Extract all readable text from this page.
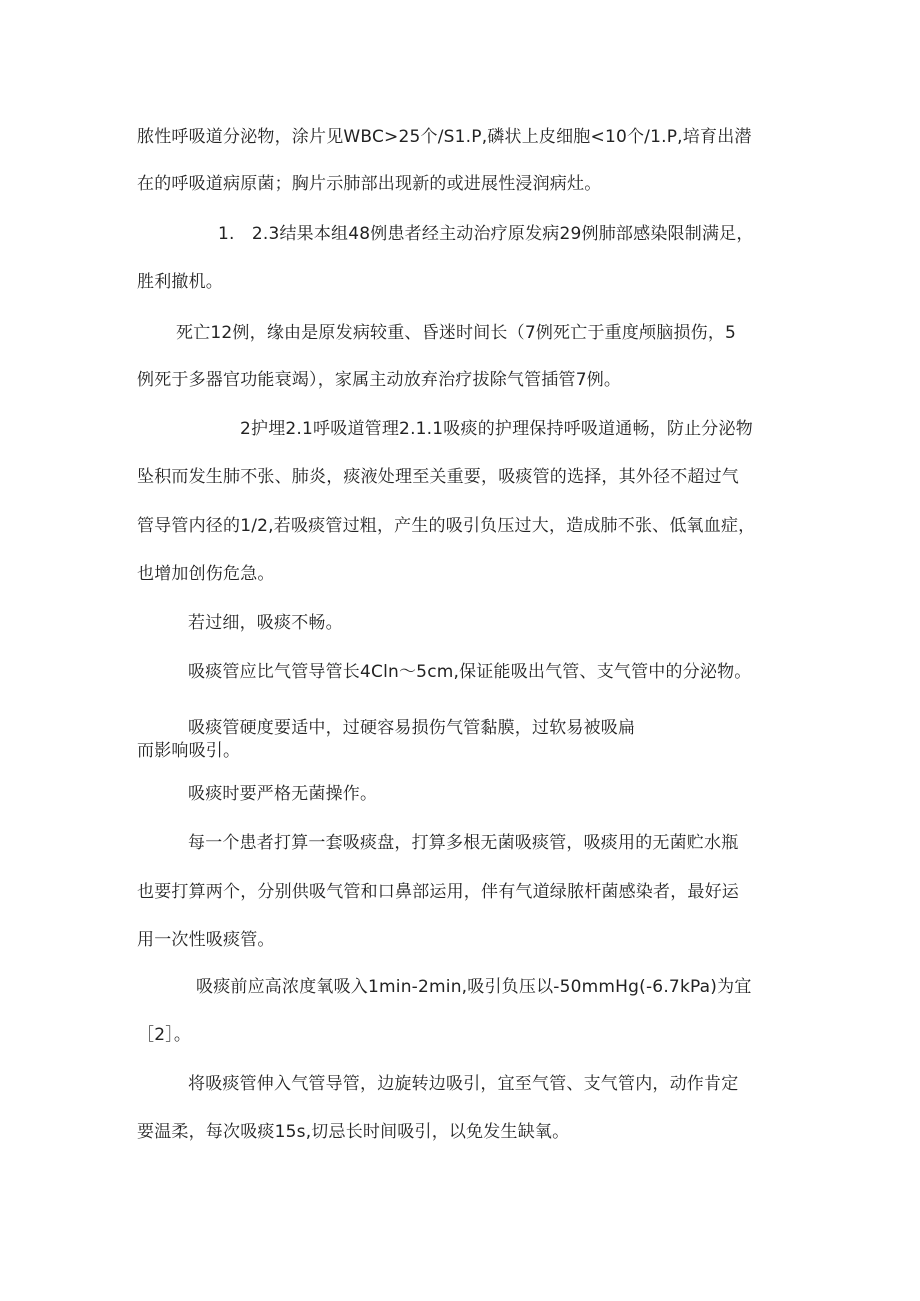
脓性呼吸道分泌物，涂片见WBC>25个/S1.P,磷状上皮细胞<10个/1.P,培育出潜
在的呼吸道病原菌；胸片示肺部出现新的或进展性浸润病灶。
1.　2.3结果本组48例患者经主动治疗原发病29例肺部感染限制满足，
胜利撤机。
死亡12例，缘由是原发病较重、昏迷时间长（7例死亡于重度颅脑损伤，5
例死于多器官功能衰竭），家属主动放弃治疗拔除气管插管7例。
2护埋2.1呼吸道管理2.1.1吸痰的护理保持呼吸道通畅，防止分泌物
坠积而发生肺不张、肺炎，痰液处理至关重要，吸痰管的选择，其外径不超过气
管导管内径的1/2,若吸痰管过粗，产生的吸引负压过大，造成肺不张、低氧血症，
也增加创伤危急。
若过细，吸痰不畅。
吸痰管应比气管导管长4Cln〜5cm,保证能吸出气管、支气管中的分泌物。
吸痰管硬度要适中，过硬容易损伤气管黏膜，过软易被吸扁
而影响吸引。
吸痰时要严格无菌操作。
每一个患者打算一套吸痰盘，打算多根无菌吸痰管，吸痰用的无菌贮水瓶
也要打算两个，分别供吸气管和口鼻部运用，伴有气道绿脓杆菌感染者，最好运
用一次性吸痰管。
吸痰前应高浓度氧吸入1min-2min,吸引负压以-50mmHg(-6.7kPa)为宜
［2］。
将吸痰管伸入气管导管，边旋转边吸引，宜至气管、支气管内，动作肯定
要温柔，每次吸痰15s,切忌长时间吸引，以免发生缺氧。
